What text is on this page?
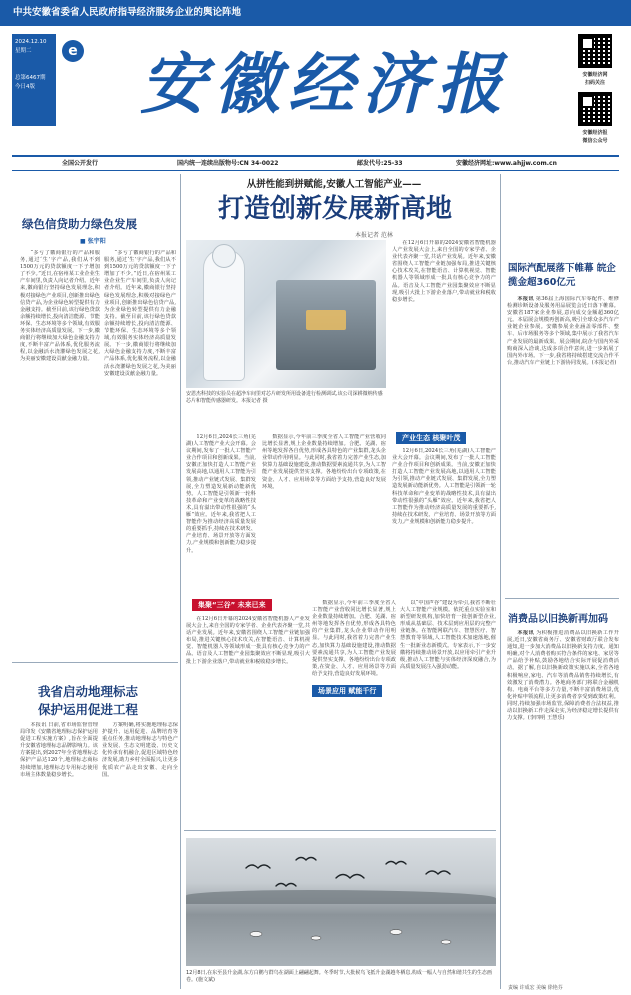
中共安徽省委省人民政府指导经济服务企业的舆论阵地
2024.12.10
星期二
总第6467期
今日4版
e 安徽经济报	安徽经济网
扫码关注
安徽经济报
微信公众号
全国公开发行	国内统一连续出版物号:CN 34-0022	邮发代号:25-33	安徽经济网址:www.ahjjw.com.cn
绿色信贷助力绿色发展
■ 张宇阳

“多亏了徽商银行的产品和服务,通过‘生’字产品,我们从不到1500万元的贷款额度一下子增加了不少。”近日,在宿州某工业企业生产车间里,负责人向记者介绍。近年来,徽商银行坚持绿色发展理念,积极对接绿色产业项目,创新推出绿色信贷产品,为企业绿色转型提供有力金融支持。截至目前,该行绿色贷款余额持续增长,投向清洁能源、节能环保、生态环境等多个领域,有效服务实体经济高质量发展。下一步,徽商银行将继续加大绿色金融支持力度,不断丰富产品体系,优化服务流程,以金融活水浇灌绿色发展之花,为美丽安徽建设贡献金融力量。

“多亏了徽商银行的产品和服务,通过‘生’字产品,我们从不到1500万元的贷款额度一下子增加了不少。”近日,在宿州某工业企业生产车间里,负责人向记者介绍。近年来,徽商银行坚持绿色发展理念,积极对接绿色产业项目,创新推出绿色信贷产品,为企业绿色转型提供有力金融支持。截至目前,该行绿色贷款余额持续增长,投向清洁能源、节能环保、生态环境等多个领域,有效服务实体经济高质量发展。下一步,徽商银行将继续加大绿色金融支持力度,不断丰富产品体系,优化服务流程,以金融活水浇灌绿色发展之花,为美丽安徽建设贡献金融力量。

从拼性能到拼赋能,安徽人工智能产业——
打造创新发展新高地
本报记者 范林
安恩杰科技的实验员在超净车间里对芯片研发所用设备进行检测调试,该公司深耕微纳传感芯片和智能传感器研发。本报记者 摄

12月6日,2024长三角(芜湖)人工智能产业大会开幕。会议期间,发布了一批人工智能产业合作项目和创新成果。当前,安徽正加快打造人工智能产业发展高地,以通用人工智能为引领,推动产业链式发展、集群发展,全力塑造发展新动能新优势。人工智能是引领新一轮科技革命和产业变革的战略性技术,具有溢出带动性很强的“头雁”效应。近年来,我省把人工智能作为推动经济高质量发展的重要抓手,持续在技术研发、产业培育、场景开放等方面发力,产业规模和创新能力稳步提升。

数据显示,今年前三季度全省人工智能产业营收同比增长显著,规上企业数量持续增加。合肥、芜湖、宿州等地发挥各自优势,形成各具特色的产业集群,龙头企业带动作用明显。与此同时,我省着力完善产业生态,加快算力基础设施建设,推动数据要素流通共享,为人工智能产业发展提供坚实支撑。各地纷纷出台专项政策,在资金、人才、应用场景等方面给予支持,营造良好发展环境。

集聚“三谷” 未来已来

在12月6日开幕的2024安徽省智能机器人产业发展大会上,来自全国的专家学者、企业代表齐聚一堂,共话产业发展。近年来,安徽省围绕人工智能产业链加强布局,推进关键核心技术攻关,在智能语音、计算机视觉、智能机器人等领域形成一批具有核心竞争力的产品。语音及人工智能产业园集聚效应不断显现,吸引大批上下游企业落户,带动就业和税收稳步增长。

在12月6日开幕的2024安徽省智能机器人产业发展大会上,来自全国的专家学者、企业代表齐聚一堂,共话产业发展。近年来,安徽省围绕人工智能产业链加强布局,推进关键核心技术攻关,在智能语音、计算机视觉、智能机器人等领域形成一批具有核心竞争力的产品。语音及人工智能产业园集聚效应不断显现,吸引大批上下游企业落户,带动就业和税收稳步增长。

产业生态 核聚叶茂

12月6日,2024长三角(芜湖)人工智能产业大会开幕。会议期间,发布了一批人工智能产业合作项目和创新成果。当前,安徽正加快打造人工智能产业发展高地,以通用人工智能为引领,推动产业链式发展、集群发展,全力塑造发展新动能新优势。人工智能是引领新一轮科技革命和产业变革的战略性技术,具有溢出带动性很强的“头雁”效应。近年来,我省把人工智能作为推动经济高质量发展的重要抓手,持续在技术研发、产业培育、场景开放等方面发力,产业规模和创新能力稳步提升。

数据显示,今年前三季度全省人工智能产业营收同比增长显著,规上企业数量持续增加。合肥、芜湖、宿州等地发挥各自优势,形成各具特色的产业集群,龙头企业带动作用明显。与此同时,我省着力完善产业生态,加快算力基础设施建设,推动数据要素流通共享,为人工智能产业发展提供坚实支撑。各地纷纷出台专项政策,在资金、人才、应用场景等方面给予支持,营造良好发展环境。

场景应用 赋能千行

以“中国声谷”建设为牵引,我省不断壮大人工智能产业规模。依托重点实验室和新型研发机构,加快培育一批创新型企业,形成从基础层、技术层到应用层的完整产业链条。在智能网联汽车、智慧医疗、智慧教育等领域,人工智能技术加速落地,催生一批新业态新模式。专家表示,下一步安徽将持续推动场景开放,以应用牵引产业升级,推动人工智能与实体经济深度融合,为高质量发展注入强劲动能。

国际汽配展落下帷幕 皖企揽金超360亿元

本报讯 第36届上海国际汽车零配件、维修检测诊断设备及服务用品展览会近日落下帷幕。安徽省187家企业参展,意向成交金额超360亿元。本届展会规模再创新高,吸引全球众多汽车产业链企业参展。安徽参展企业涵盖零部件、整车、后市场服务等多个领域,集中展示了我省汽车产业发展的最新成果。展会期间,皖企与国内外采购商深入洽谈,达成多项合作意向,进一步拓展了国内外市场。下一步,我省将持续搭建交流合作平台,推动汽车产业链上下游协同发展。(本报记者)

消费品以旧换新再加码

本报讯 为积极推进消费品以旧换新工作开展,近日,安徽省商务厅、安徽省财政厅联合发布通知,进一步加大消费品以旧换新支持力度。通知明确,对个人消费者购买符合条件的家电、家居等产品给予补贴,鼓励各地结合实际开展促消费活动。据了解,自以旧换新政策实施以来,全省各地积极响应,家电、汽车等消费品销售持续增长,有效激发了消费潜力。各地商务部门将联合金融机构、电商平台等多方力量,不断丰富消费场景,优化补贴申领流程,让更多消费者享受到政策红利。同时,持续加强市场监管,保障消费者合法权益,推动以旧换新工作走深走实,为经济稳定增长提供有力支撑。(李四明 王慧乐)

我省启动地理标志
保护运用促进工程

本报讯 日前,省市场监督管理局印发《安徽省地理标志保护运用促进工程实施方案》,旨在全面提升安徽省地理标志品牌影响力。该方案提出,到2027年全省地理标志保护产品达120个,地理标志商标持续增加,地理标志专用标志使用市场主体数量稳步增长。

方案明确,将实施地理标志保护提升、运用促进、品牌培育等重点任务,推动地理标志与特色产业发展、生态文明建设、历史文化传承有机融合,促进区域特色经济发展,助力乡村全面振兴,让更多优质农产品走出安徽、走向全国。

12月8日,在东至县升金湖,东方白鹳与群鸟在湖面上翩翩起舞。冬季时节,大批候鸟飞抵升金湖越冬栖息,构成一幅人与自然和谐共生的生态画卷。(施文斌)
责编 许成宏 美编 徐艳芬
